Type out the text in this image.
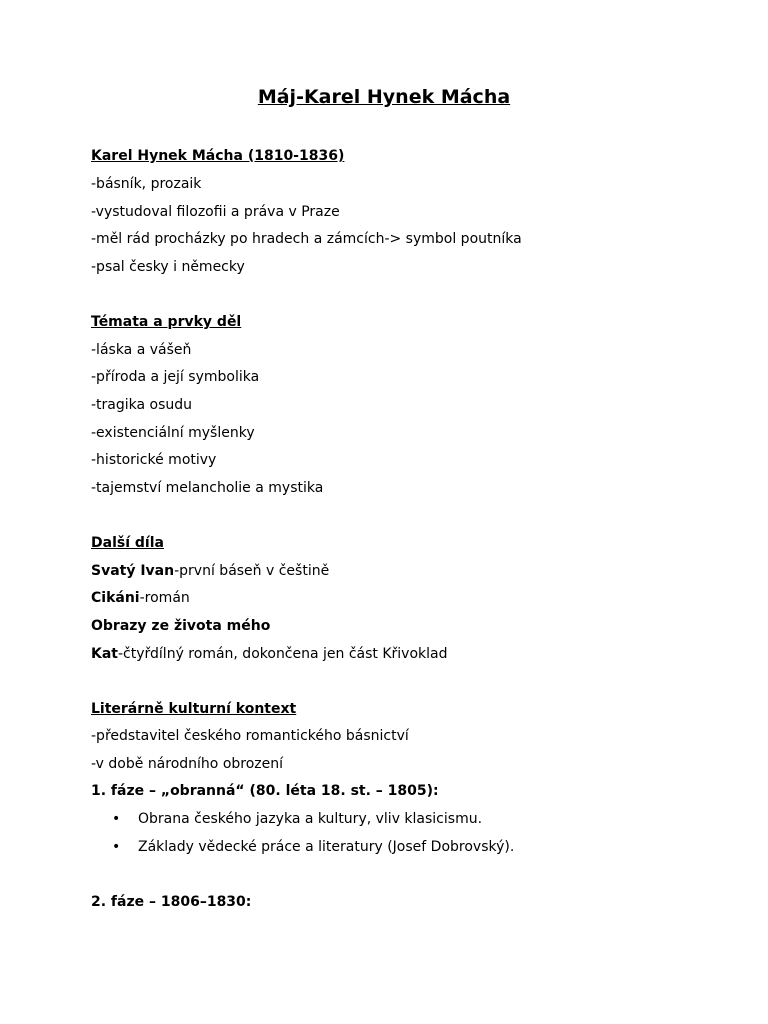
Máj-Karel Hynek Mácha
Karel Hynek Mácha (1810-1836)
-básník, prozaik
-vystudoval filozofii a práva v Praze
-měl rád procházky po hradech a zámcích-> symbol poutníka
-psal česky i německy
Témata a prvky děl
-láska a vášeň
-příroda a její symbolika
-tragika osudu
-existenciální myšlenky
-historické motivy
-tajemství melancholie a mystika
Další díla
Svatý Ivan-první báseň v češtině
Cikáni-román
Obrazy ze života mého
Kat-čtyřdílný román, dokončena jen část Křivoklad
Literárně kulturní kontext
-představitel českého romantického básnictví
-v době národního obrození
1. fáze – „obranná“ (80. léta 18. st. – 1805):
• Obrana českého jazyka a kultury, vliv klasicismu.
• Základy vědecké práce a literatury (Josef Dobrovský).
2. fáze – 1806–1830:
